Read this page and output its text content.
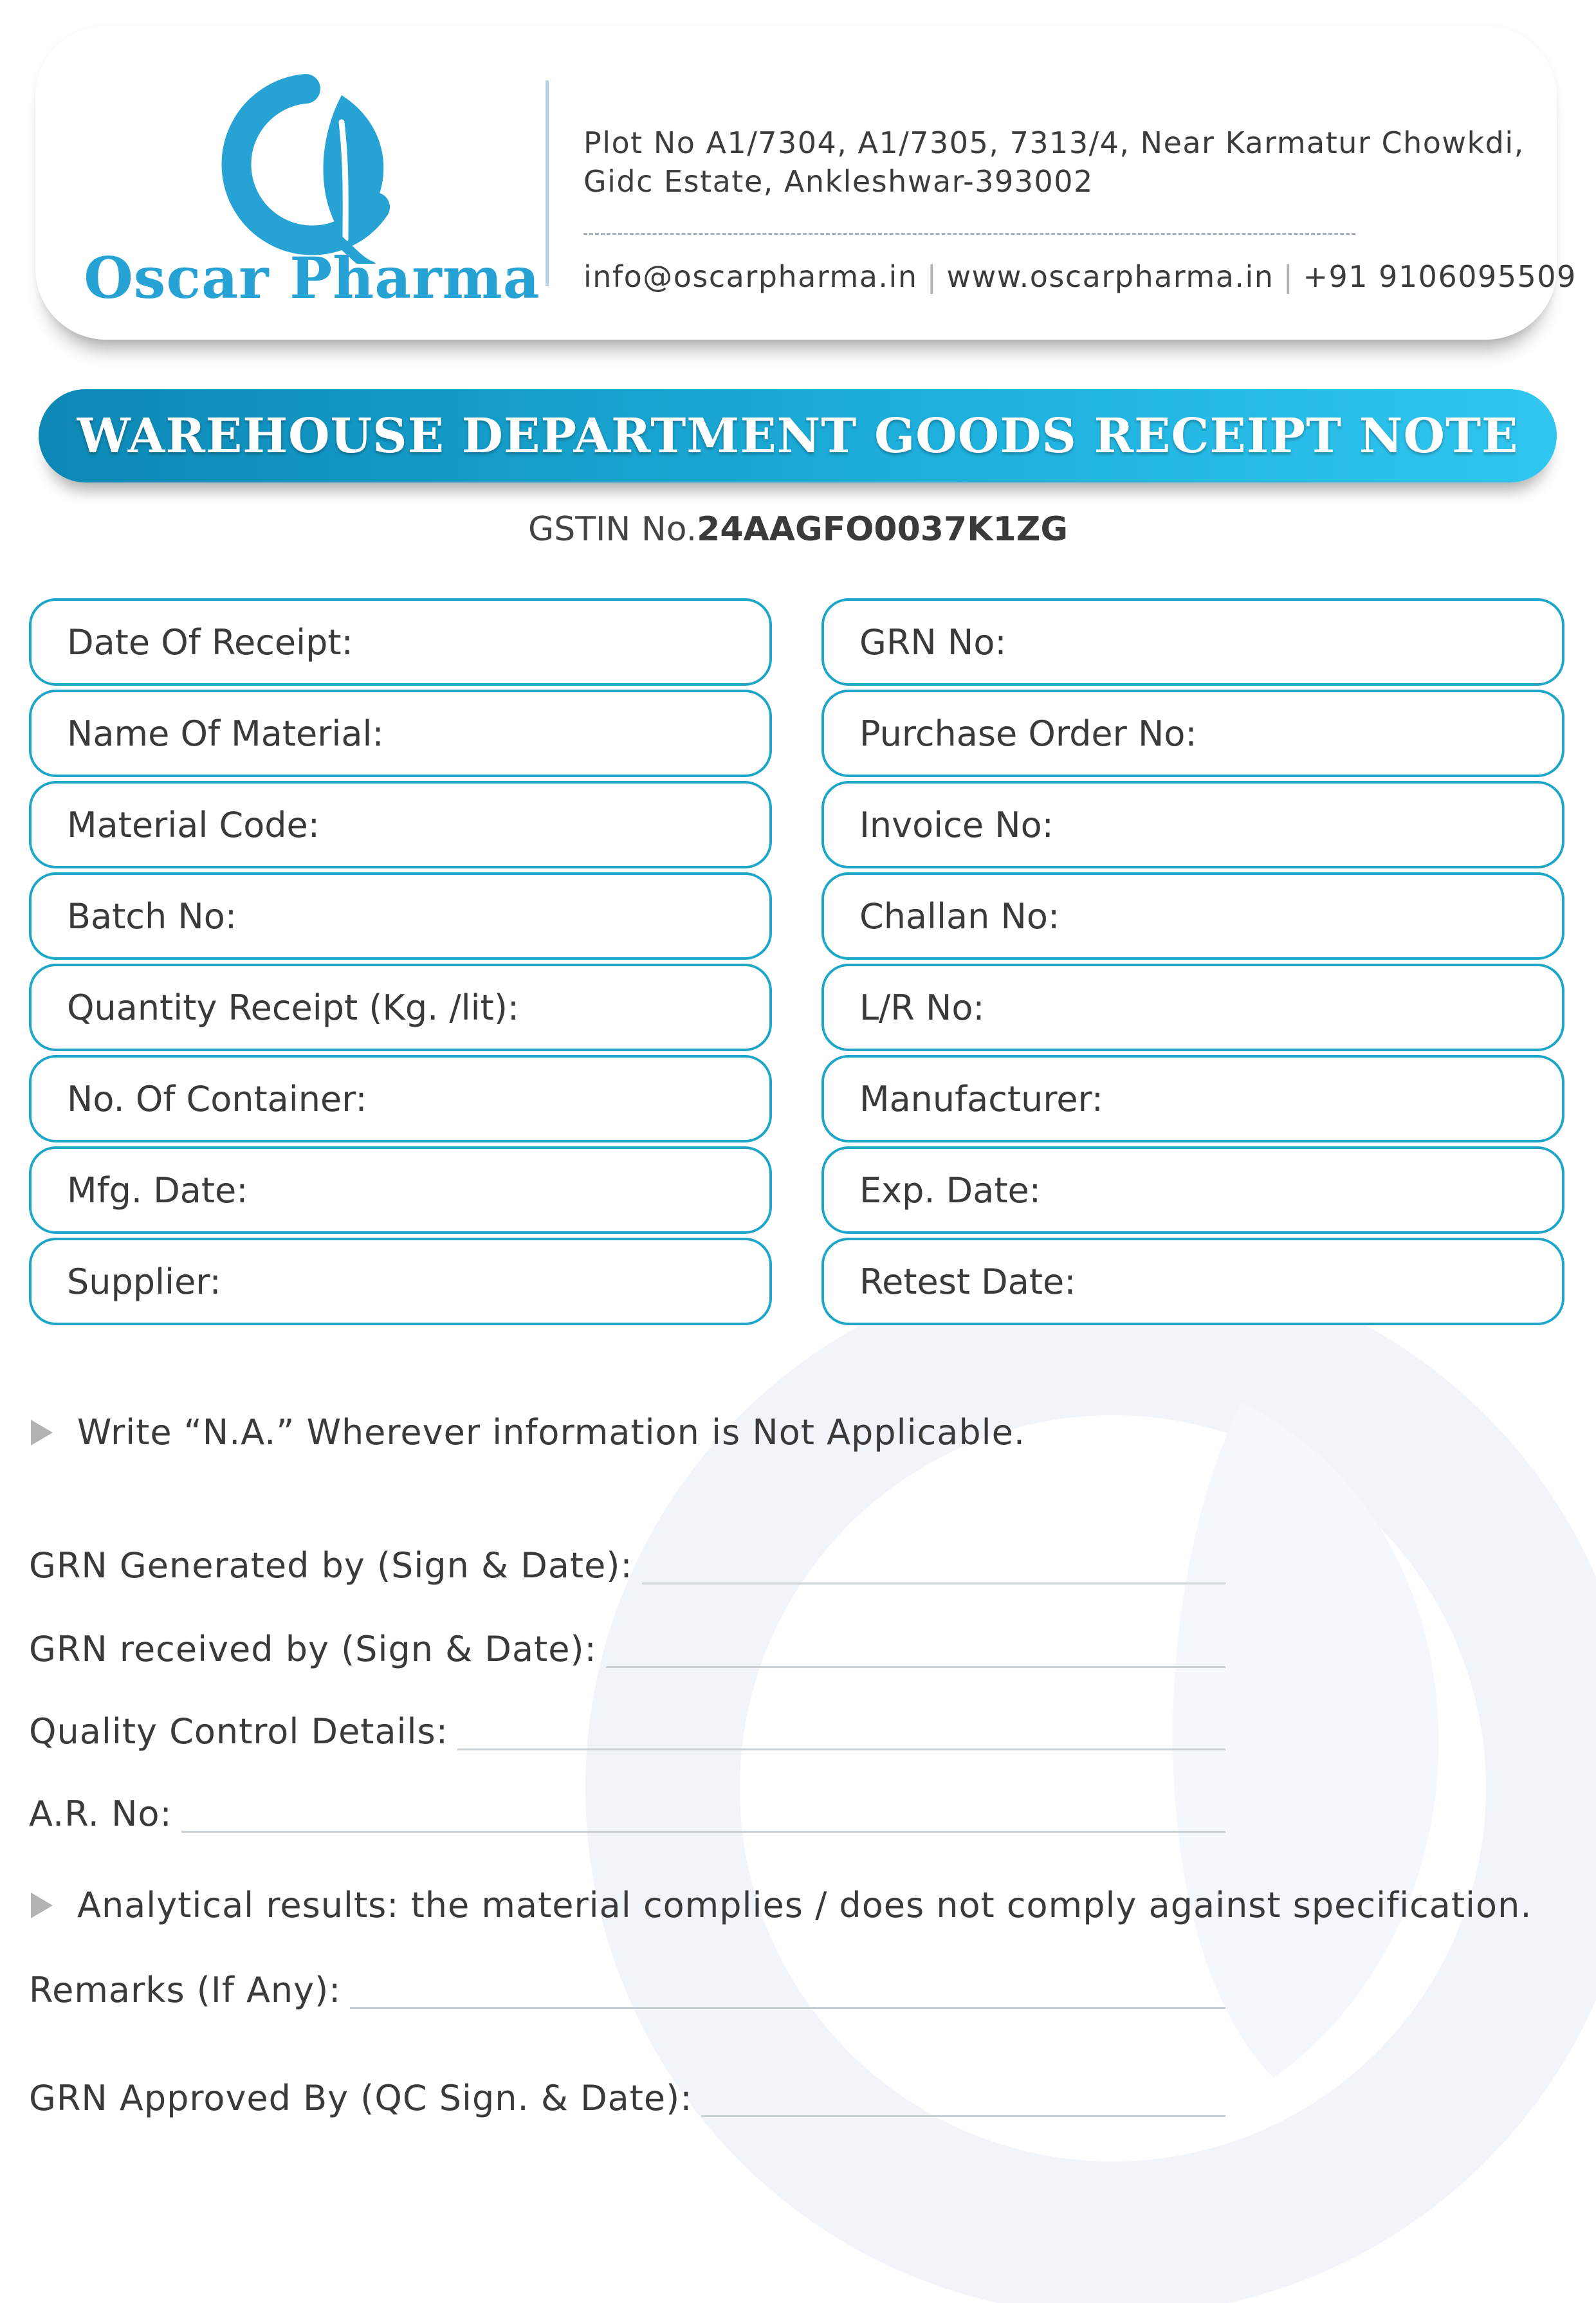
Oscar Pharma
Plot No A1/7304, A1/7305, 7313/4, Near Karmatur Chowkdi,
Gidc Estate, Ankleshwar-393002
info@oscarpharma.in | www.oscarpharma.in | +91 9106095509
WAREHOUSE DEPARTMENT GOODS RECEIPT NOTE
GSTIN No.24AAGFO0037K1ZG
Date Of Receipt:
Name Of Material:
Material Code:
Batch No:
Quantity Receipt (Kg. /lit):
No. Of Container:
Mfg. Date:
Supplier:
GRN No:
Purchase Order No:
Invoice No:
Challan No:
L/R No:
Manufacturer:
Exp. Date:
Retest Date:
Write “N.A.” Wherever information is Not Applicable.
GRN Generated by (Sign & Date):
GRN received by (Sign & Date):
Quality Control Details:
A.R. No:
Analytical results: the material complies / does not comply against specification.
Remarks (If Any):
GRN Approved By (QC Sign. & Date):
